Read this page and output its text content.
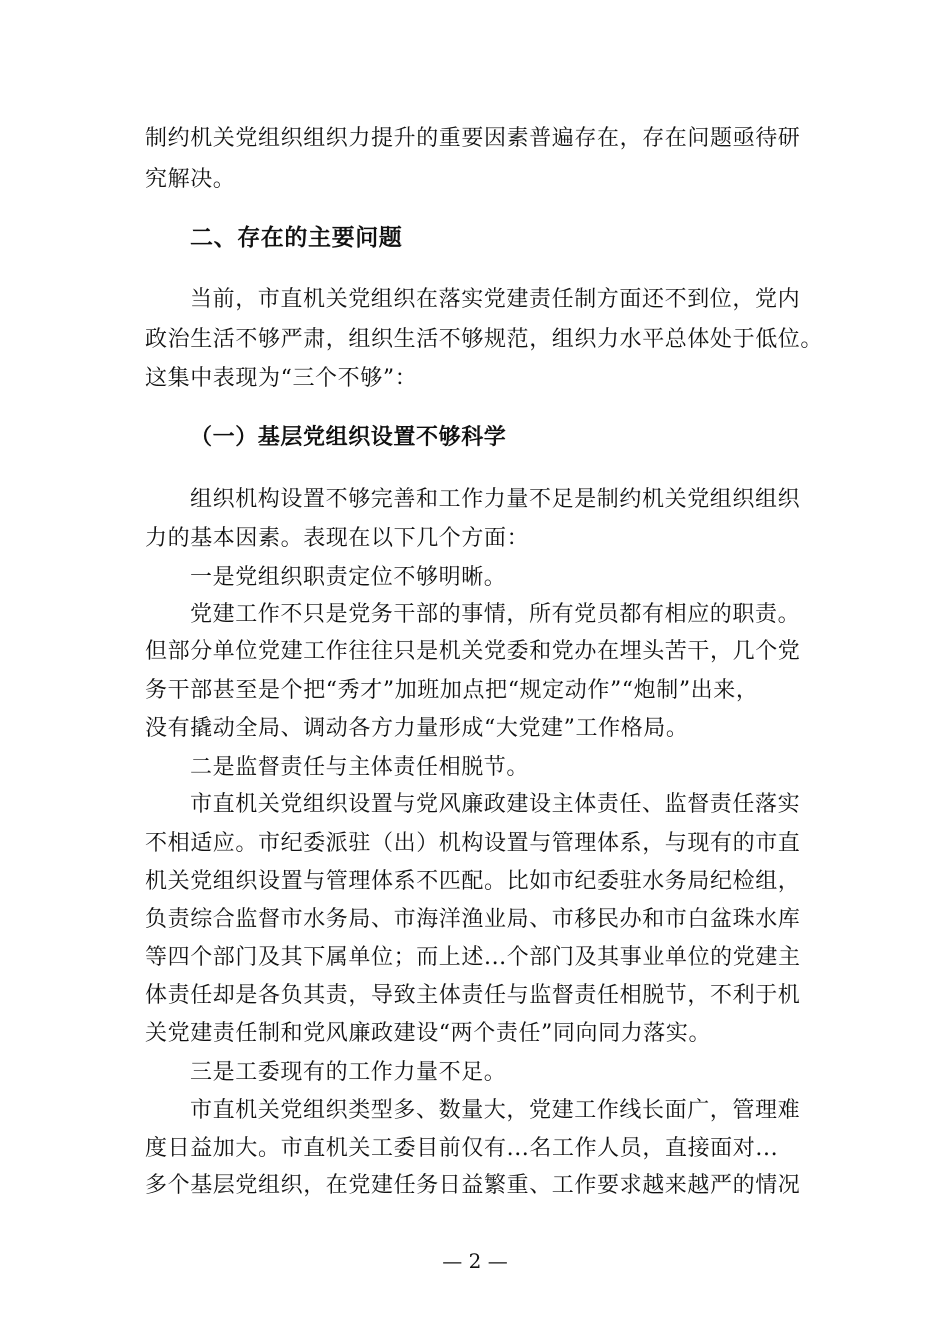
制约机关党组织组织力提升的重要因素普遍存在，存在问题亟待研
究解决。
二、存在的主要问题
当前，市直机关党组织在落实党建责任制方面还不到位，党内
政治生活不够严肃，组织生活不够规范，组织力水平总体处于低位。
这集中表现为“三个不够”：
（一）基层党组织设置不够科学
组织机构设置不够完善和工作力量不足是制约机关党组织组织
力的基本因素。表现在以下几个方面：
一是党组织职责定位不够明晰。
党建工作不只是党务干部的事情，所有党员都有相应的职责。
但部分单位党建工作往往只是机关党委和党办在埋头苦干，几个党
务干部甚至是个把“秀才”加班加点把“规定动作”“炮制”出来，
没有撬动全局、调动各方力量形成“大党建”工作格局。
二是监督责任与主体责任相脱节。
市直机关党组织设置与党风廉政建设主体责任、监督责任落实
不相适应。市纪委派驻（出）机构设置与管理体系，与现有的市直
机关党组织设置与管理体系不匹配。比如市纪委驻水务局纪检组，
负责综合监督市水务局、市海洋渔业局、市移民办和市白盆珠水库
等四个部门及其下属单位；而上述...个部门及其事业单位的党建主
体责任却是各负其责，导致主体责任与监督责任相脱节，不利于机
关党建责任制和党风廉政建设“两个责任”同向同力落实。
三是工委现有的工作力量不足。
市直机关党组织类型多、数量大，党建工作线长面广，管理难
度日益加大。市直机关工委目前仅有...名工作人员，直接面对...
多个基层党组织，在党建任务日益繁重、工作要求越来越严的情况
— 2 —
